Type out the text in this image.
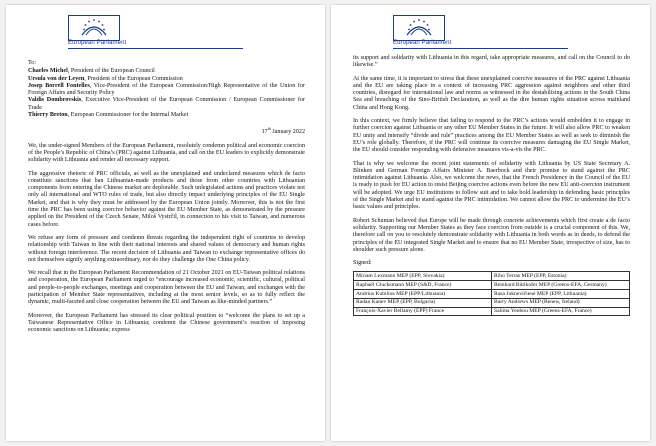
European Parliament

To:

Charles Michel, President of the European Council

Ursula von der Leyen, President of the European Commission

Josep Borrell Fontelles, Vice-President of the European Commission/High Representative of the Union for Foreign Affairs and Security Policy

Valdis Dombrovskis, Executive Vice-President of the European Commission / European Commissioner for Trade

Thierry Breton, European Commissioner for the Internal Market

17th January 2022

We, the under-signed Members of the European Parliament, resolutely condemn political and economic coercion of the People’s Republic of China’s (PRC) against Lithuania, and call on the EU leaders to explicitly demonstrate solidarity with Lithuania and render all necessary support.

The aggressive rhetoric of PRC officials, as well as the unexplained and undeclared measures which de facto constitute sanctions that ban Lithuanian-made products and those from other countries with Lithuanian components from entering the Chinese market are deplorable. Such unlegislated actions and practices violate not only all international and WTO rules of trade, but also directly impact underlying principles of the EU Single Market, and that is why they must be addressed by the European Union jointly. Moreover, this is not the first time the PRC has been using coercive behavior against the EU Member State, as demonstrated by the pressure applied on the President of the Czech Senate, Miloš Vystrčil, in connection to his visit to Taiwan, and numerous cases before.

We refuse any form of pressure and condemn threats regarding the independent right of countries to develop relationship with Taiwan in line with their national interests and shared values of democracy and human rights without foreign interference. The recent decision of Lithuania and Taiwan to exchange representative offices do not themselves signify anything extraordinary, nor do they challenge the One China policy.

We recall that in the European Parliament Recommendation of 21 October 2021 on EU-Taiwan political relations and cooperation, the European Parliament urged to “encourage increased economic, scientific, cultural, political and people-to-people exchanges, meetings and cooperation between the EU and Taiwan, and exchanges with the participation of Member State representatives, including at the most senior levels, so as to fully reflect the dynamic, multi-faceted and close cooperation between the EU and Taiwan as like-minded partners.”

Moreover, the European Parliament has stressed its clear political position to “welcome the plans to set up a Taiwanese Representative Office in Lithuania; condemn the Chinese government’s reaction of imposing economic sanctions on Lithuania; express

European Parliament

its support and solidarity with Lithuania in this regard, take appropriate measures, and call on the Council to do likewise.”

At the same time, it is important to stress that these unexplained coercive measures of the PRC against Lithuania and the EU are taking place in a context of increasing PRC aggression against neighbors and other third countries, disregard for international law and norms as witnessed in the destabilising actions in the South China Sea and breaching of the Sino-British Declaration, as well as the dire human rights situation across mainland China and Hong Kong.

In this context, we firmly believe that failing to respond to the PRC’s actions would embolden it to engage in further coercion against Lithuania or any other EU Member States in the future. It will also allow PRC to weaken EU unity and intensify “divide and rule” practices among the EU Member States as well as seek to diminish the EU’s role globally. Therefore, if the PRC will continue its coercive measures damaging the EU Single Market, the EU should consider responding with defensive measures vis-a-vis the PRC.

That is why we welcome the recent joint statements of solidarity with Lithuania by US State Secretary A. Blinken and German Foreign Affairs Minister A. Baerbock and their promise to stand against the PRC intimidation against Lithuania. Also, we welcome the news, that the French Presidency in the Council of the EU is ready to push for EU action to resist Beijing coercive actions even before the new EU anti-coercion instrument will be adopted. We urge EU institutions to follow suit and to take bold leadership in defending basic principles of the Single Market and to stand against the PRC intimidation. We cannot allow the PRC to undermine the EU’s basic values and principles.

Robert Schuman believed that Europe will be made through concrete achievements which first create a de facto solidarity. Supporting our Member States as they face coercion from outside is a crucial component of this. We, therefore call on you to resolutely demonstrate solidarity with Lithuania in both words as in deeds, to defend the principles of the EU integrated Single Market and to ensure that no EU Member State, irrespective of size, has to shoulder such pressure alone.

Signed:

Miriam Lexmann MEP (EPP, Slovakia)	Riho Terras MEP (EPP, Estonia)
Raphaël Glucksmann MEP (S&D, France)	Reinhard Bütikofer MEP (Greens-EFA, Germany)
Andrius Kubilius MEP (EPP/Lithuania)	Rasa Juknevičienė MEP (EPP, Lithuania)
Radan Kanev MEP (EPP, Bulgaria)	Barry Andrews MEP (Renew, Ireland)
François-Xavier Bellamy (EPP) France	Salima Yenbou MEP (Greens-EFA, France)
